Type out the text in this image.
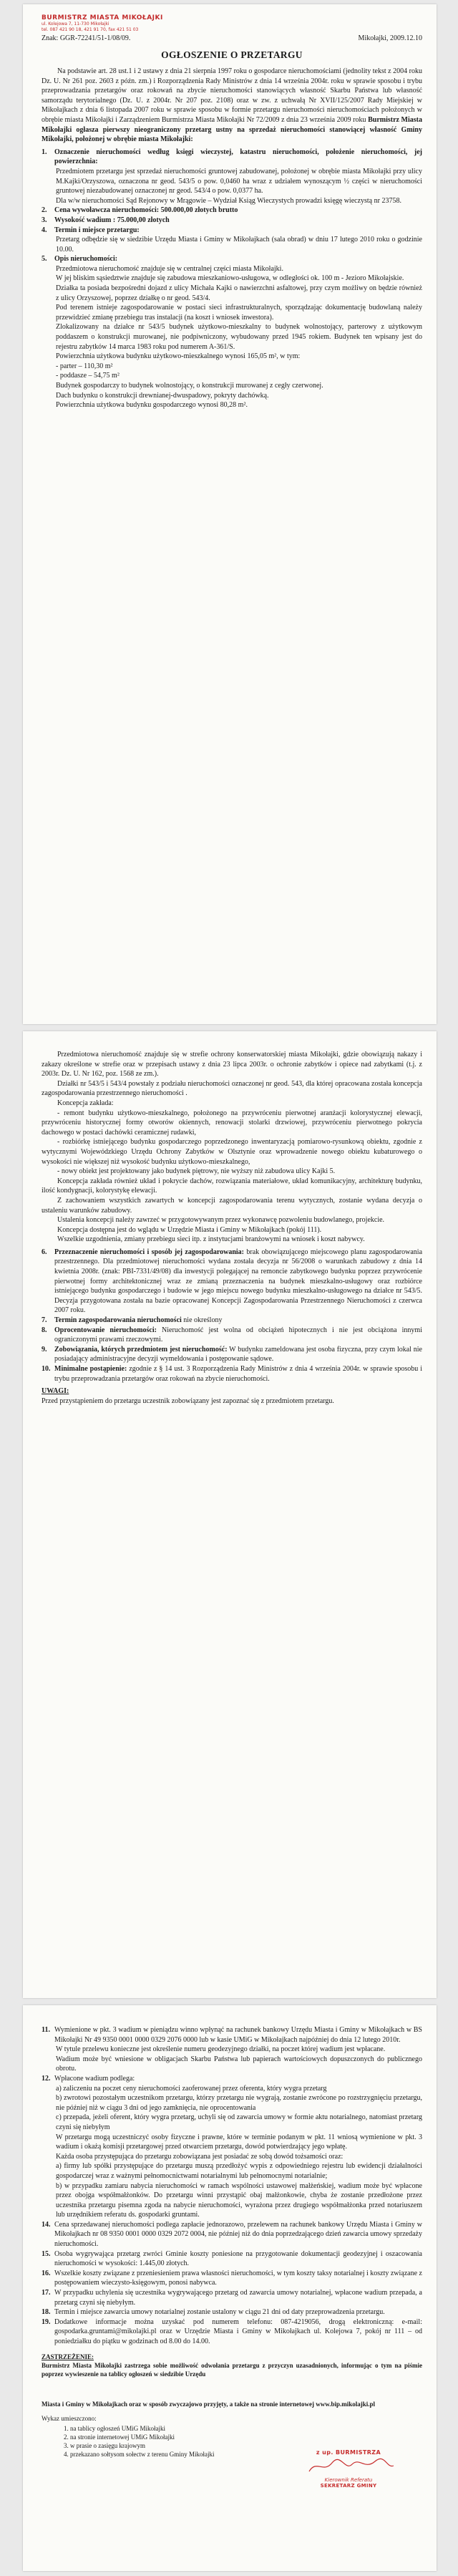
BURMISTRZ MIASTA MIKOŁAJKI
ul. Kolejowa 7, 11-730 Mikołajki
tel. 087 421 90 18, 421 91 70, fax 421 51 03
Znak: GGR-72241/51-1/08/09.	Mikołajki, 2009.12.10
OGŁOSZENIE O PRZETARGU

Na podstawie art. 28 ust.1 i 2 ustawy z dnia 21 sierpnia 1997 roku o gospodarce nieruchomościami (jednolity tekst z 2004 roku Dz. U. Nr 261 poz. 2603 z późn. zm.) i Rozporządzenia Rady Ministrów z dnia 14 września 2004r. roku w sprawie sposobu i trybu przeprowadzania przetargów oraz rokowań na zbycie nieruchomości stanowiących własność Skarbu Państwa lub własność samorządu terytorialnego (Dz. U. z 2004r. Nr 207 poz. 2108) oraz w zw. z uchwałą Nr XVII/125/2007 Rady Miejskiej w Mikołajkach z dnia 6 listopada 2007 roku w sprawie sposobu w formie przetargu nieruchomości nieruchomościach położonych w obrębie miasta Mikołajki i Zarządzeniem Burmistrza Miasta Mikołajki Nr 72/2009 z dnia 23 września 2009 roku Burmistrz Miasta Mikołajki ogłasza pierwszy nieograniczony przetarg ustny na sprzedaż nieruchomości stanowiącej własność Gminy Mikołajki, położonej w obrębie miasta Mikołajki:

1.	Oznaczenie nieruchomości według księgi wieczystej, katastru nieruchomości, położenie nieruchomości, jej powierzchnia:
Przedmiotem przetargu jest sprzedaż nieruchomości gruntowej zabudowanej, położonej w obrębie miasta Mikołajki przy ulicy M.Kajki/Orzyszowa, oznaczona nr geod. 543/5 o pow. 0,0460 ha wraz z udziałem wynoszącym ½ części w nieruchomości gruntowej niezabudowanej oznaczonej nr geod. 543/4 o pow. 0,0377 ha.
Dla w/w nieruchomości Sąd Rejonowy w Mrągowie – Wydział Ksiąg Wieczystych prowadzi księgę wieczystą nr 23758.
2.	Cena wywoławcza nieruchomości: 500.000,00 złotych brutto
3.	Wysokość wadium : 75.000,00 złotych
4.	Termin i miejsce przetargu:
Przetarg odbędzie się w siedzibie Urzędu Miasta i Gminy w Mikołajkach (sala obrad) w dniu 17 lutego 2010 roku o godzinie 10.00.
5.	Opis nieruchomości:
Przedmiotowa nieruchomość znajduje się w centralnej części miasta Mikołajki.
W jej bliskim sąsiedztwie znajduje się zabudowa mieszkaniowo-usługowa, w odległości ok. 100 m - Jezioro Mikołajskie.
Działka ta posiada bezpośredni dojazd z ulicy Michała Kajki o nawierzchni asfaltowej, przy czym możliwy on będzie również z ulicy Orzyszowej, poprzez działkę o nr geod. 543/4.
Pod terenem istnieje zagospodarowanie w postaci sieci infrastrukturalnych, sporządzając dokumentację budowlaną należy przewidzieć zmianę przebiegu tras instalacji (na koszt i wniosek inwestora).
Zlokalizowany na działce nr 543/5 budynek użytkowo-mieszkalny to budynek wolnostojący, parterowy z użytkowym poddaszem o konstrukcji murowanej, nie podpiwniczony, wybudowany przed 1945 rokiem. Budynek ten wpisany jest do rejestru zabytków 14 marca 1983 roku pod numerem A-361/S.
Powierzchnia użytkowa budynku użytkowo-mieszkalnego wynosi 165,05 m², w tym:
- parter – 110,30 m²
- poddasze – 54,75 m²
Budynek gospodarczy to budynek wolnostojący, o konstrukcji murowanej z cegły czerwonej.
Dach budynku o konstrukcji drewnianej-dwuspadowy, pokryty dachówką.
Powierzchnia użytkowa budynku gospodarczego wynosi 80,28 m².

Przedmiotowa nieruchomość znajduje się w strefie ochrony konserwatorskiej miasta Mikołajki, gdzie obowiązują nakazy i zakazy określone w strefie oraz w przepisach ustawy z dnia 23 lipca 2003r. o ochronie zabytków i opiece nad zabytkami (t.j. z 2003r. Dz. U. Nr 162, poz. 1568 ze zm.).

Działki nr 543/5 i 543/4 powstały z podziału nieruchomości oznaczonej nr geod. 543, dla której opracowana została koncepcja zagospodarowania przestrzennego nieruchomości .

Koncepcja zakłada:

- remont budynku użytkowo-mieszkalnego, położonego na przywróceniu pierwotnej aranżacji kolorystycznej elewacji, przywróceniu historycznej formy otworów okiennych, renowacji stolarki drzwiowej, przywróceniu pierwotnego pokrycia dachowego w postaci dachówki ceramicznej rudawki,

- rozbiórkę istniejącego budynku gospodarczego poprzedzonego inwentaryzacją pomiarowo-rysunkową obiektu, zgodnie z wytycznymi Wojewódzkiego Urzędu Ochrony Zabytków w Olsztynie oraz wprowadzenie nowego obiektu kubaturowego o wysokości nie większej niż wysokość budynku użytkowo-mieszkalnego,

- nowy obiekt jest projektowany jako budynek piętrowy, nie wyższy niż zabudowa ulicy Kajki 5.

Koncepcja zakłada również układ i pokrycie dachów, rozwiązania materiałowe, układ komunikacyjny, architekturę budynku, ilość kondygnacji, kolorystykę elewacji.

Z zachowaniem wszystkich zawartych w koncepcji zagospodarowania terenu wytycznych, zostanie wydana decyzja o ustaleniu warunków zabudowy.

Ustalenia koncepcji należy zawrzeć w przygotowywanym przez wykonawcę pozwoleniu budowlanego, projekcie.

Koncepcja dostępna jest do wglądu w Urzędzie Miasta i Gminy w Mikołajkach (pokój 111).

Wszelkie uzgodnienia, zmiany przebiegu sieci itp. z instytucjami branżowymi na wniosek i koszt nabywcy.

6.	Przeznaczenie nieruchomości i sposób jej zagospodarowania: brak obowiązującego miejscowego planu zagospodarowania przestrzennego. Dla przedmiotowej nieruchomości wydana została decyzja nr 56/2008 o warunkach zabudowy z dnia 14 kwietnia 2008r. (znak: PBI-7331/49/08) dla inwestycji polegającej na remoncie zabytkowego budynku poprzez przywrócenie pierwotnej formy architektonicznej wraz ze zmianą przeznaczenia na budynek mieszkalno-usługowy oraz rozbiórce istniejącego budynku gospodarczego i budowie w jego miejscu nowego budynku mieszkalno-usługowego na działce nr 543/5. Decyzja przygotowana została na bazie opracowanej Koncepcji Zagospodarowania Przestrzennego Nieruchomości z czerwca 2007 roku.
7.	Termin zagospodarowania nieruchomości nie określony
8.	Oprocentowanie nieruchomości: Nieruchomość jest wolna od obciążeń hipotecznych i nie jest obciążona innymi ograniczonymi prawami rzeczowymi.
9.	Zobowiązania, których przedmiotem jest nieruchomość: W budynku zameldowana jest osoba fizyczna, przy czym lokal nie posiadający administracyjne decyzji wymeldowania i postępowanie sądowe.
10. Minimalne postąpienie: zgodnie z § 14 ust. 3 Rozporządzenia Rady Ministrów z dnia 4 września 2004r. w sprawie sposobu i trybu przeprowadzania przetargów oraz rokowań na zbycie nieruchomości.

UWAGI:

Przed przystąpieniem do przetargu uczestnik zobowiązany jest zapoznać się z przedmiotem przetargu.

11. Wymienione w pkt. 3 wadium w pieniądzu winno wpłynąć na rachunek bankowy Urzędu Miasta i Gminy w Mikołajkach w BS Mikołajki Nr 49 9350 0001 0000 0329 2076 0000 lub w kasie UMiG w Mikołajkach najpóźniej do dnia 12 lutego 2010r.
W tytule przelewu konieczne jest określenie numeru geodezyjnego działki, na poczet której wadium jest wpłacane.
Wadium może być wniesione w obligacjach Skarbu Państwa lub papierach wartościowych dopuszczonych do publicznego obrotu.
12. Wpłacone wadium podlega:
a) zaliczeniu na poczet ceny nieruchomości zaoferowanej przez oferenta, który wygra przetarg
b) zwrotowi pozostałym uczestnikom przetargu, którzy przetargu nie wygrają, zostanie zwrócone po rozstrzygnięciu przetargu, nie później niż w ciągu 3 dni od jego zamknięcia, nie oprocentowania
c) przepada, jeżeli oferent, który wygra przetarg, uchyli się od zawarcia umowy w formie aktu notarialnego, natomiast przetarg czyni się niebyłym
W przetargu mogą uczestniczyć osoby fizyczne i prawne, które w terminie podanym w pkt. 11 wniosą wymienione w pkt. 3 wadium i okażą komisji przetargowej przed otwarciem przetargu, dowód potwierdzający jego wpłatę.
Każda osoba przystępująca do przetargu zobowiązana jest posiadać ze sobą dowód tożsamości oraz:
a) firmy lub spółki przystępujące do przetargu muszą przedłożyć wypis z odpowiedniego rejestru lub ewidencji działalności gospodarczej wraz z ważnymi pełnomocnictwami notarialnymi lub pełnomocnymi notarialnie;
b) w przypadku zamiaru nabycia nieruchomości w ramach wspólności ustawowej małżeńskiej, wadium może być wpłacone przez obojga współmałżonków. Do przetargu winni przystąpić obaj małżonkowie, chyba że zostanie przedłożone przez uczestnika przetargu pisemna zgoda na nabycie nieruchomości, wyrażona przez drugiego współmałżonka przed notariuszem lub urzędnikiem referatu ds. gospodarki gruntami.
14. Cena sprzedawanej nieruchomości podlega zapłacie jednorazowo, przelewem na rachunek bankowy Urzędu Miasta i Gminy w Mikołajkach nr 08 9350 0001 0000 0329 2072 0004, nie później niż do dnia poprzedzającego dzień zawarcia umowy sprzedaży nieruchomości.
15. Osoba wygrywająca przetarg zwróci Gminie koszty poniesione na przygotowanie dokumentacji geodezyjnej i oszacowania nieruchomości w wysokości: 1.445,00 złotych.
16. Wszelkie koszty związane z przeniesieniem prawa własności nieruchomości, w tym koszty taksy notarialnej i koszty związane z postępowaniem wieczysto-księgowym, ponosi nabywca.
17. W przypadku uchylenia się uczestnika wygrywającego przetarg od zawarcia umowy notarialnej, wpłacone wadium przepada, a przetarg czyni się niebyłym.
18. Termin i miejsce zawarcia umowy notarialnej zostanie ustalony w ciągu 21 dni od daty przeprowadzenia przetargu.
19. Dodatkowe informacje można uzyskać pod numerem telefonu: 087-4219056, drogą elektroniczną: e-mail: gospodarka.gruntami@mikolajki.pl oraz w Urzędzie Miasta i Gminy w Mikołajkach ul. Kolejowa 7, pokój nr 111 – od poniedziałku do piątku w godzinach od 8.00 do 14.00.

ZASTRZEŻENIE:

Burmistrz Miasta Mikołajki zastrzega sobie możliwość odwołania przetargu z przyczyn uzasadnionych, informując o tym na piśmie poprzez wywieszenie na tablicy ogłoszeń w siedzibie Urzędu

Miasta i Gminy w Mikołajkach oraz w sposób zwyczajowo przyjęty, a także na stronie internetowej www.bip.mikolajki.pl

Wykaz umieszczono:

1. na tablicy ogłoszeń UMiG Mikołajki
2. na stronie internetowej UMiG Mikołajki
3. w prasie o zasięgu krajowym
4. przekazano sołtysom sołectw z terenu Gminy Mikołajki	z up. BURMISTRZA
Kierownik Referatu
SEKRETARZ GMINY
